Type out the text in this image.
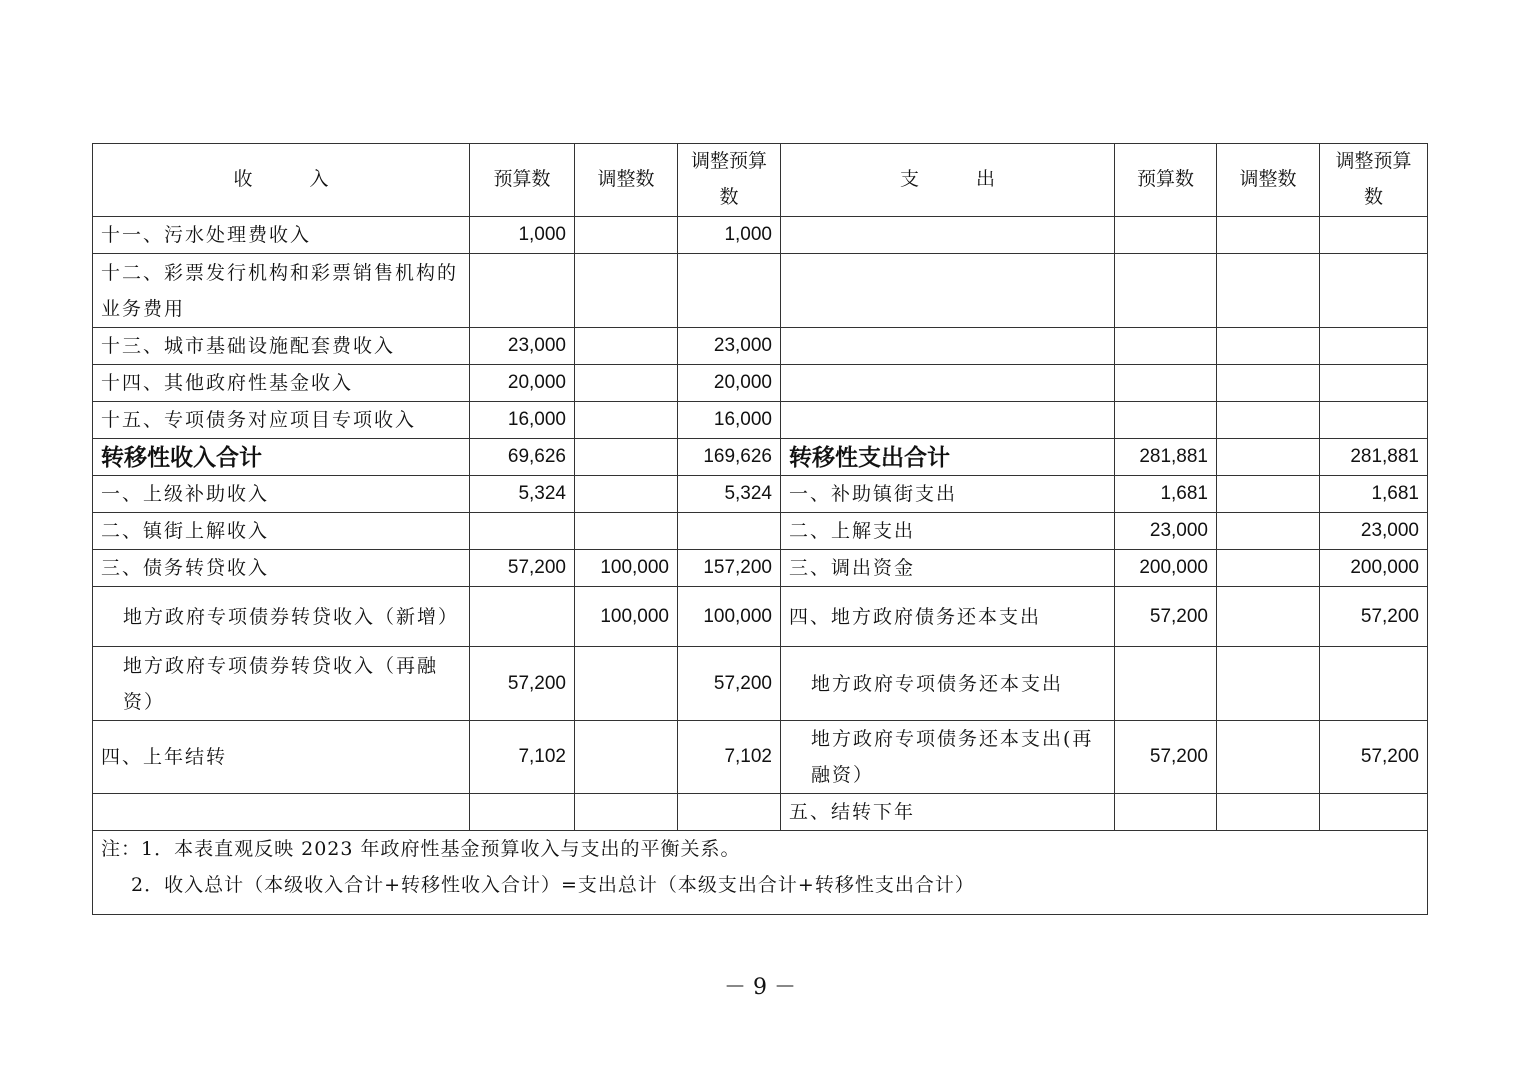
收　　　入	预算数	调整数	调整预算数	支　　　出	预算数	调整数	调整预算数
十一、污水处理费收入	1,000		1,000				
十二、彩票发行机构和彩票销售机构的业务费用							
十三、城市基础设施配套费收入	23,000		23,000				
十四、其他政府性基金收入	20,000		20,000				
十五、专项债务对应项目专项收入	16,000		16,000				
转移性收入合计	69,626		169,626	转移性支出合计	281,881		281,881
一、上级补助收入	5,324		5,324	一、补助镇街支出	1,681		1,681
二、镇街上解收入				二、上解支出	23,000		23,000
三、债务转贷收入	57,200	100,000	157,200	三、调出资金	200,000		200,000
地方政府专项债券转贷收入（新增）		100,000	100,000	四、地方政府债务还本支出	57,200		57,200
地方政府专项债券转贷收入（再融资）	57,200		57,200	地方政府专项债务还本支出			
四、上年结转	7,102		7,102	地方政府专项债务还本支出(再融资）	57,200		57,200
				五、结转下年			

注：1．本表直观反映 2023 年政府性基金预算收入与支出的平衡关系。
2．收入总计（本级收入合计+转移性收入合计）=支出总计（本级支出合计+转移性支出合计）							
－ 9 －
